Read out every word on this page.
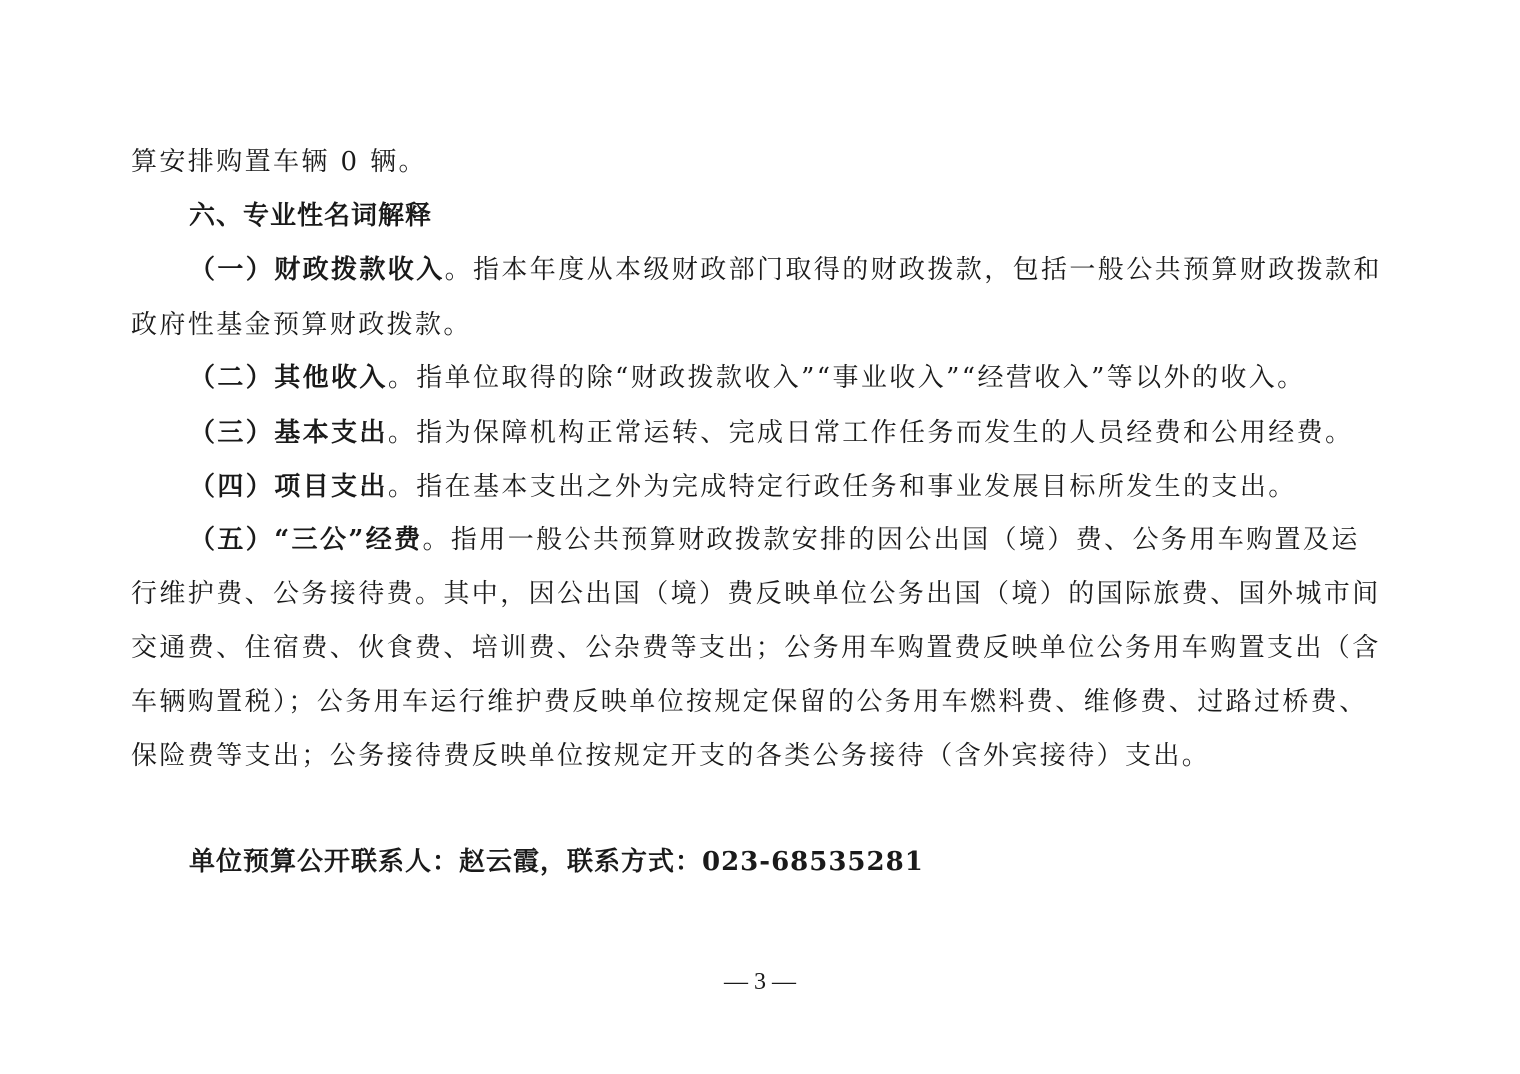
算安排购置车辆 0 辆。
六、专业性名词解释
（一）财政拨款收入。指本年度从本级财政部门取得的财政拨款，包括一般公共预算财政拨款和
政府性基金预算财政拨款。
（二）其他收入。指单位取得的除“财政拨款收入”“事业收入”“经营收入”等以外的收入。
（三）基本支出。指为保障机构正常运转、完成日常工作任务而发生的人员经费和公用经费。
（四）项目支出。指在基本支出之外为完成特定行政任务和事业发展目标所发生的支出。
（五）“三公”经费。指用一般公共预算财政拨款安排的因公出国（境）费、公务用车购置及运
行维护费、公务接待费。其中，因公出国（境）费反映单位公务出国（境）的国际旅费、国外城市间
交通费、住宿费、伙食费、培训费、公杂费等支出；公务用车购置费反映单位公务用车购置支出（含
车辆购置税）；公务用车运行维护费反映单位按规定保留的公务用车燃料费、维修费、过路过桥费、
保险费等支出；公务接待费反映单位按规定开支的各类公务接待（含外宾接待）支出。
单位预算公开联系人：赵云霞，联系方式：023-68535281
— 3 —
